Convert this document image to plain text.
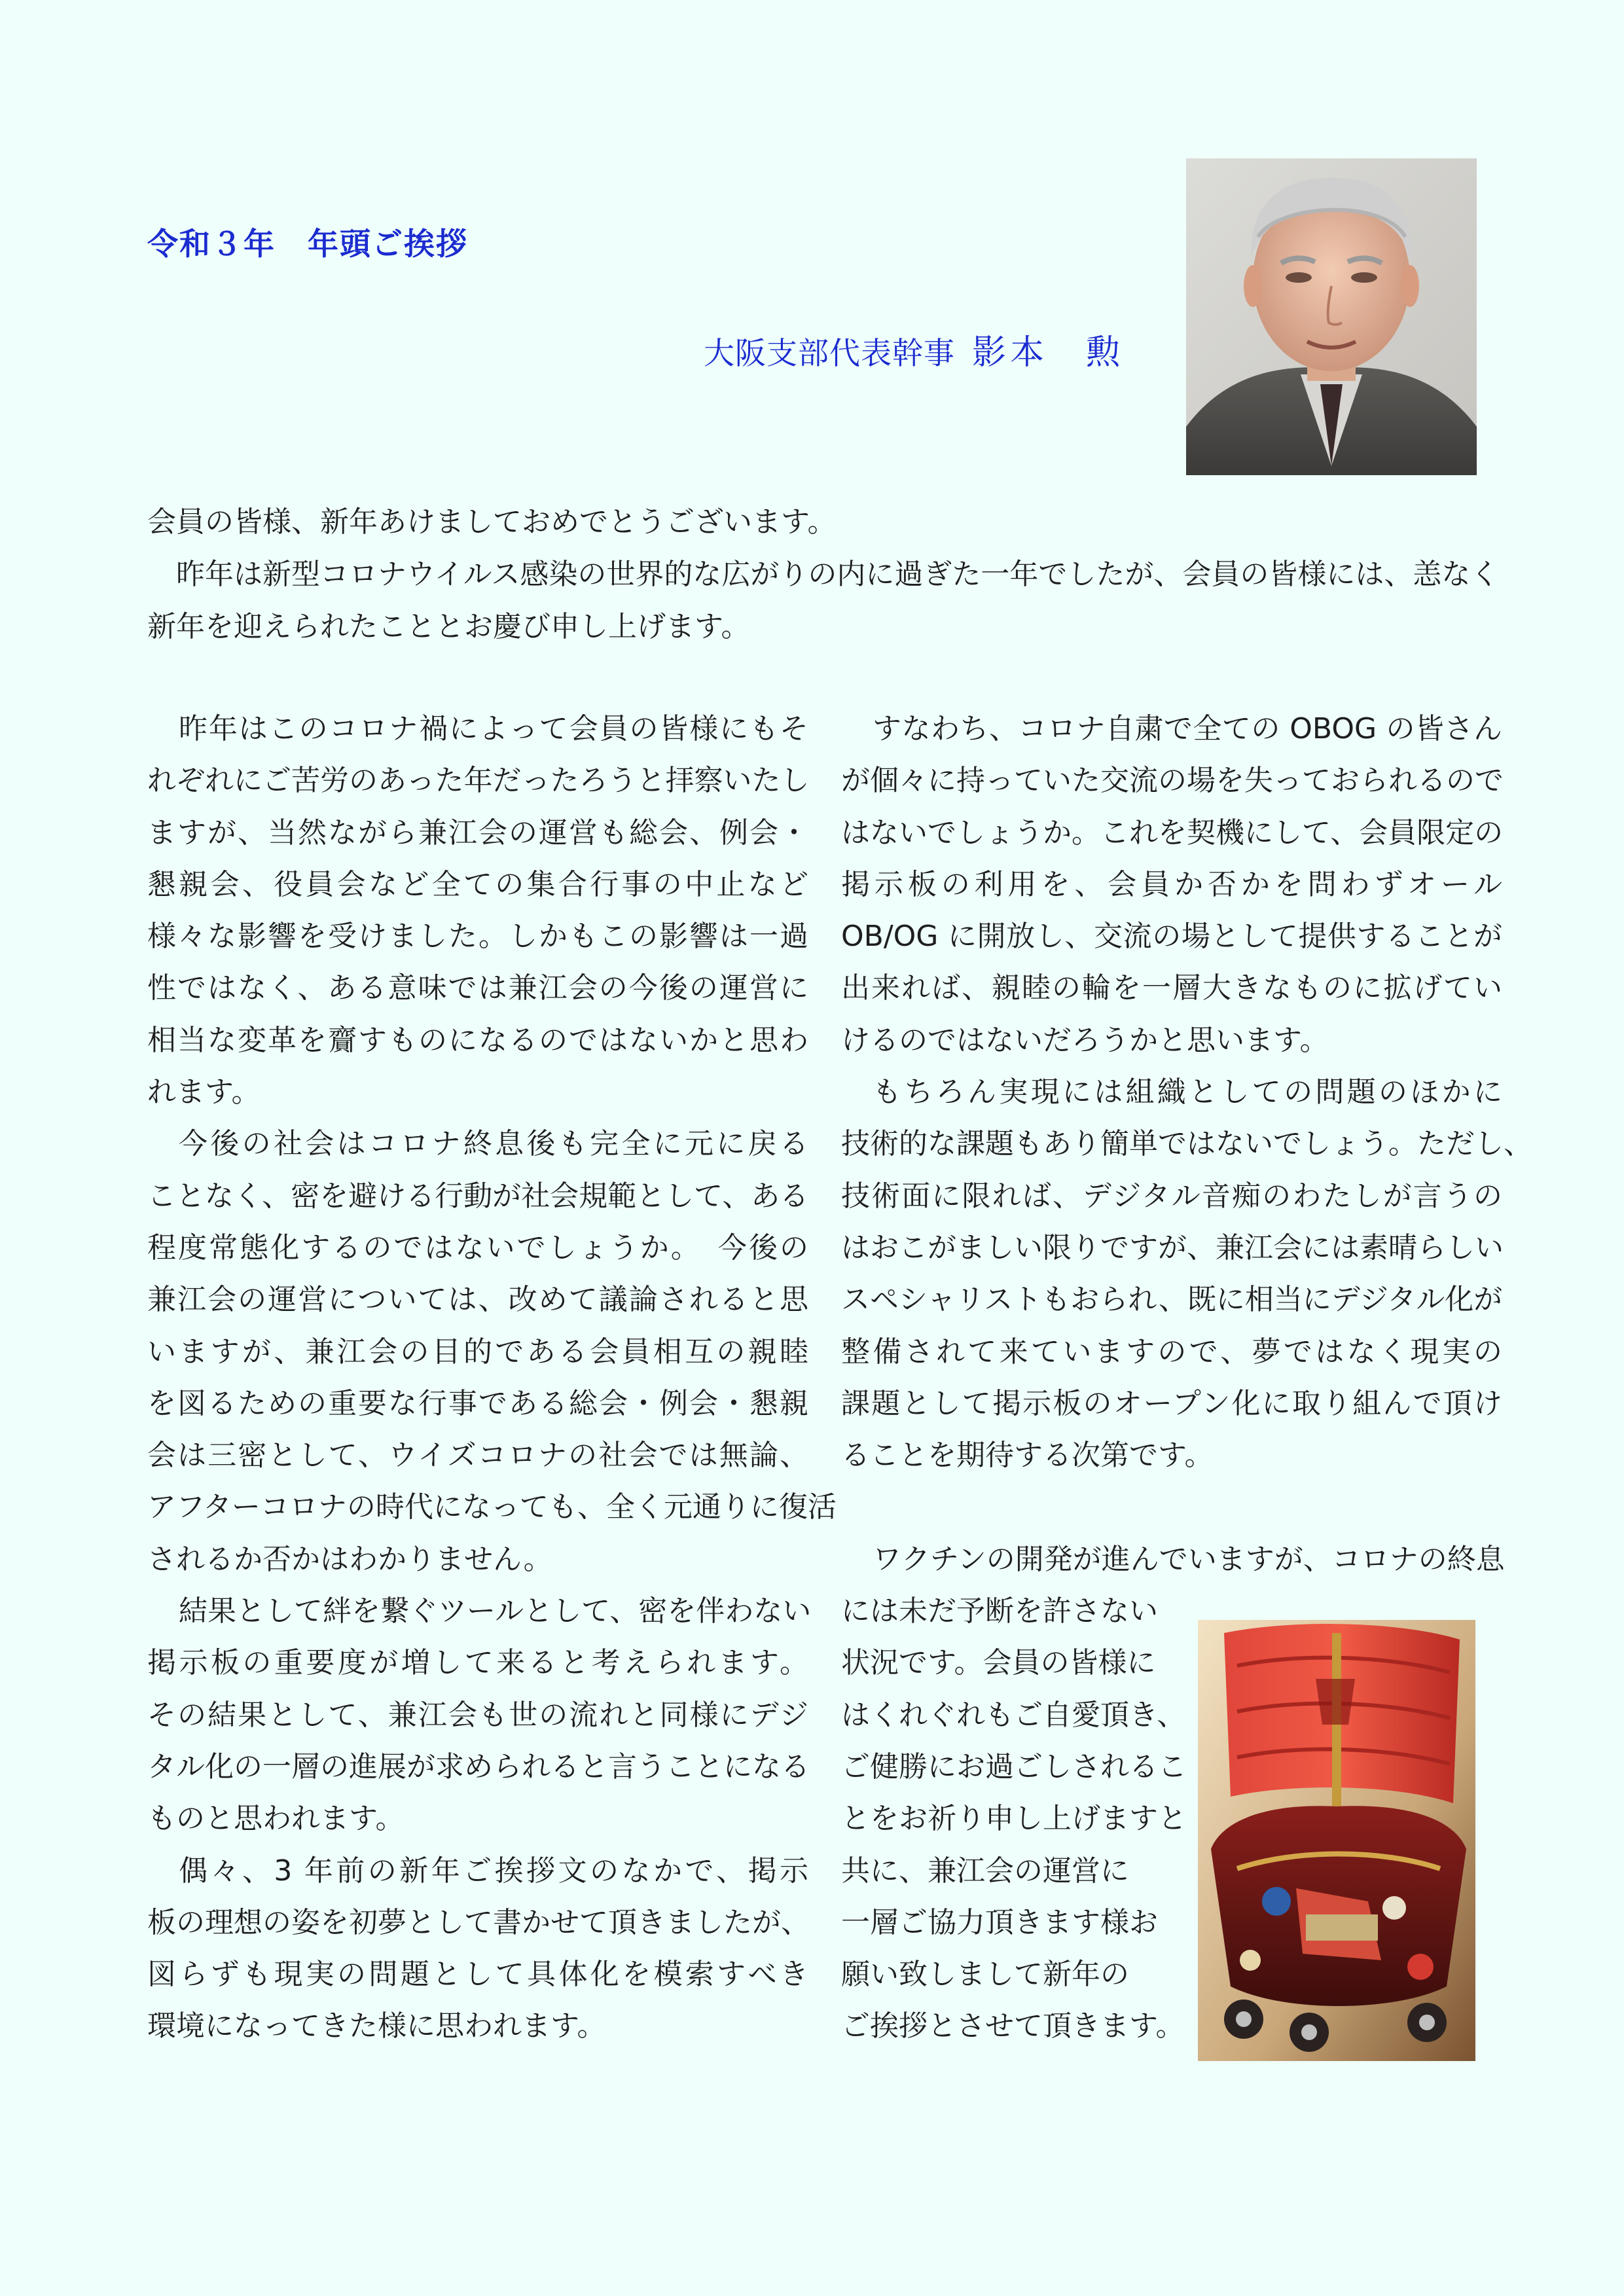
令和３年　年頭ご挨拶
大阪支部代表幹事 影本　勲

会員の皆様、新年あけましておめでとうございます。

　昨年は新型コロナウイルス感染の世界的な広がりの内に過ぎた一年でしたが、会員の皆様には、恙なく

新年を迎えられたこととお慶び申し上げます。

昨年はこのコロナ禍によって会員の皆様にもそ
れぞれにご苦労のあった年だったろうと拝察いたし
ますが、当然ながら兼江会の運営も総会、例会・
懇親会、役員会など全ての集合行事の中止など
様々な影響を受けました。しかもこの影響は一過
性ではなく、ある意味では兼江会の今後の運営に
相当な変革を齎すものになるのではないかと思わ
れます。
今後の社会はコロナ終息後も完全に元に戻る
ことなく、密を避ける行動が社会規範として、ある
程度常態化するのではないでしょうか。　今後の
兼江会の運営については、改めて議論されると思
いますが、兼江会の目的である会員相互の親睦
を図るための重要な行事である総会・例会・懇親
会は三密として、ウイズコロナの社会では無論、
アフターコロナの時代になっても、全く元通りに復活
されるか否かはわかりません。
結果として絆を繋ぐツールとして、密を伴わない
掲示板の重要度が増して来ると考えられます。
その結果として、兼江会も世の流れと同様にデジ
タル化の一層の進展が求められると言うことになる
ものと思われます。
偶々、3 年前の新年ご挨拶文のなかで、掲示
板の理想の姿を初夢として書かせて頂きましたが、
図らずも現実の問題として具体化を模索すべき
環境になってきた様に思われます。
すなわち、コロナ自粛で全ての OBOG の皆さん
が個々に持っていた交流の場を失っておられるので
はないでしょうか。これを契機にして、会員限定の
掲示板の利用を、会員か否かを問わずオール
OB/OG に開放し、交流の場として提供することが
出来れば、親睦の輪を一層大きなものに拡げてい
けるのではないだろうかと思います。
もちろん実現には組織としての問題のほかに
技術的な課題もあり簡単ではないでしょう。ただし、
技術面に限れば、デジタル音痴のわたしが言うの
はおこがましい限りですが、兼江会には素晴らしい
スペシャリストもおられ、既に相当にデジタル化が
整備されて来ていますので、夢ではなく現実の
課題として掲示板のオープン化に取り組んで頂け
ることを期待する次第です。
ワクチンの開発が進んでいますが、コロナの終息
には未だ予断を許さない
状況です。会員の皆様に
はくれぐれもご自愛頂き、
ご健勝にお過ごしされるこ
とをお祈り申し上げますと
共に、兼江会の運営に
一層ご協力頂きます様お
願い致しまして新年の
ご挨拶とさせて頂きます。
